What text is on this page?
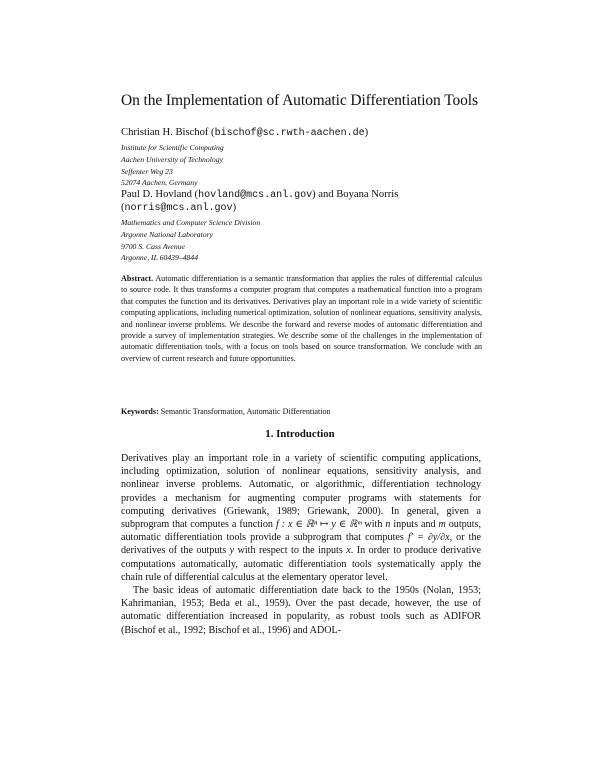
On the Implementation of Automatic Differentiation Tools
Christian H. Bischof (bischof@sc.rwth-aachen.de)
Institute for Scientific Computing
Aachen University of Technology
Seffenter Weg 23
52074 Aachen, Germany
Paul D. Hovland (hovland@mcs.anl.gov) and Boyana Norris
(norris@mcs.anl.gov)
Mathematics and Computer Science Division
Argonne National Laboratory
9700 S. Cass Avenue
Argonne, IL 60439–4844
Abstract. Automatic differentiation is a semantic transformation that applies the rules of differential calculus to source code. It thus transforms a computer program that computes a mathematical function into a program that computes the function and its derivatives. Derivatives play an important role in a wide variety of scientific computing applications, including numerical optimization, solution of nonlinear equations, sensitivity analysis, and nonlinear inverse problems. We describe the forward and reverse modes of automatic differentiation and provide a survey of implementation strategies. We describe some of the challenges in the implementation of automatic differentiation tools, with a focus on tools based on source transformation. We conclude with an overview of current research and future opportunities.
Keywords: Semantic Transformation, Automatic Differentiation
1. Introduction

Derivatives play an important role in a variety of scientific computing applications, including optimization, solution of nonlinear equations, sensitivity analysis, and nonlinear inverse problems. Automatic, or algorithmic, differentiation technology provides a mechanism for augmenting computer programs with statements for computing derivatives (Griewank, 1989; Griewank, 2000). In general, given a subprogram that computes a function f : x ∈ ℝⁿ ↦ y ∈ ℝᵐ with n inputs and m outputs, automatic differentiation tools provide a subprogram that computes f′ = ∂y/∂x, or the derivatives of the outputs y with respect to the inputs x. In order to produce derivative computations automatically, automatic differentiation tools systematically apply the chain rule of differential calculus at the elementary operator level.

The basic ideas of automatic differentiation date back to the 1950s (Nolan, 1953; Kahrimanian, 1953; Beda et al., 1959). Over the past decade, however, the use of automatic differentiation increased in popularity, as robust tools such as ADIFOR (Bischof et al., 1992; Bischof et al., 1996) and ADOL-
